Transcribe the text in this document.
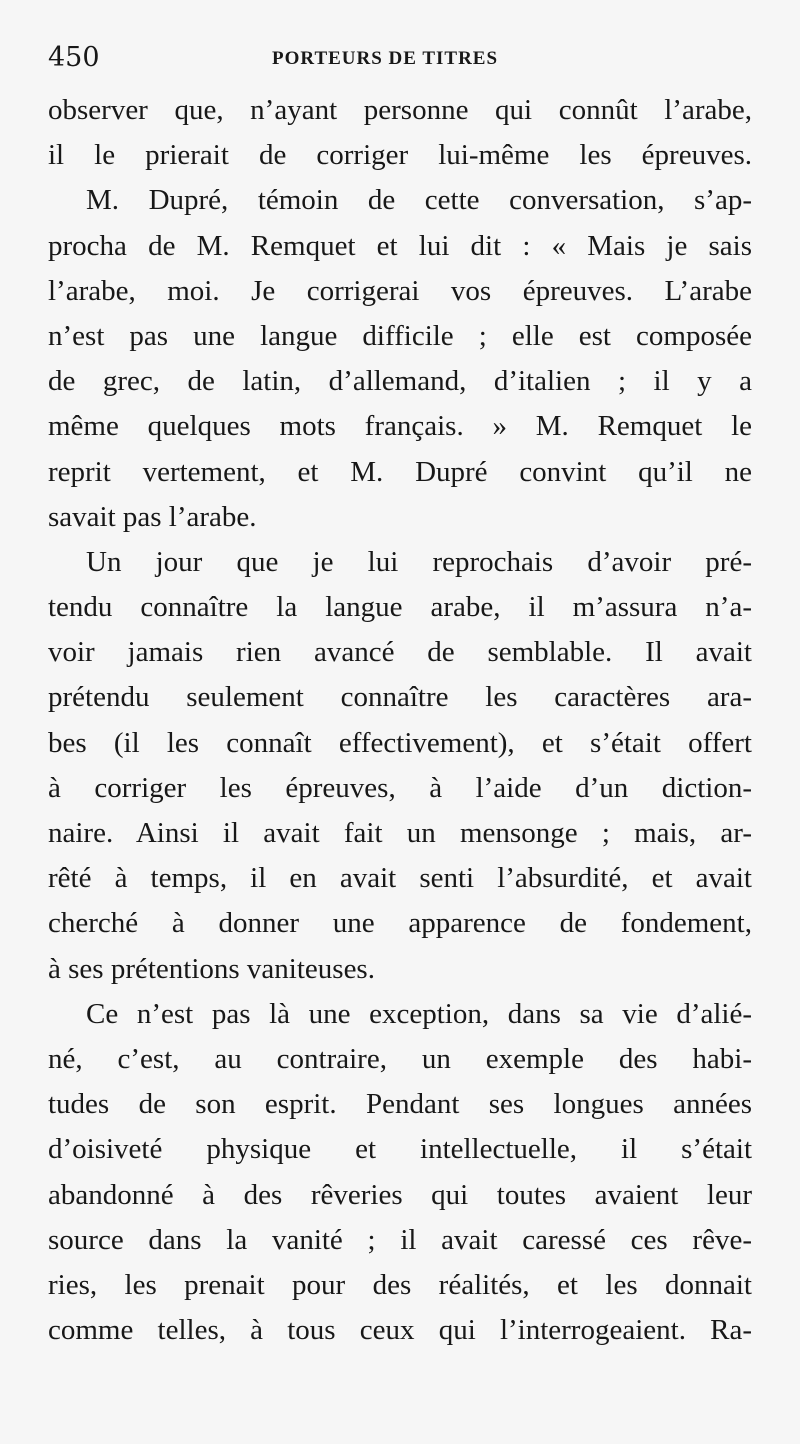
450	PORTEURS DE TITRES
observer que, n’ayant personne qui connût l’arabe,
il le prierait de corriger lui-même les épreuves.
M. Dupré, témoin de cette conversation, s’ap-
procha de M. Remquet et lui dit : « Mais je sais
l’arabe, moi. Je corrigerai vos épreuves. L’arabe
n’est pas une langue difficile ; elle est composée
de grec, de latin, d’allemand, d’italien ; il y a
même quelques mots français. » M. Remquet le
reprit vertement, et M. Dupré convint qu’il ne
savait pas l’arabe.
Un jour que je lui reprochais d’avoir pré-
tendu connaître la langue arabe, il m’assura n’a-
voir jamais rien avancé de semblable. Il avait
prétendu seulement connaître les caractères ara-
bes (il les connaît effectivement), et s’était offert
à corriger les épreuves, à l’aide d’un diction-
naire. Ainsi il avait fait un mensonge ; mais, ar-
rêté à temps, il en avait senti l’absurdité, et avait
cherché à donner une apparence de fondement,
à ses prétentions vaniteuses.
Ce n’est pas là une exception, dans sa vie d’alié-
né, c’est, au contraire, un exemple des habi-
tudes de son esprit. Pendant ses longues années
d’oisiveté physique et intellectuelle, il s’était
abandonné à des rêveries qui toutes avaient leur
source dans la vanité ; il avait caressé ces rêve-
ries, les prenait pour des réalités, et les donnait
comme telles, à tous ceux qui l’interrogeaient. Ra-
